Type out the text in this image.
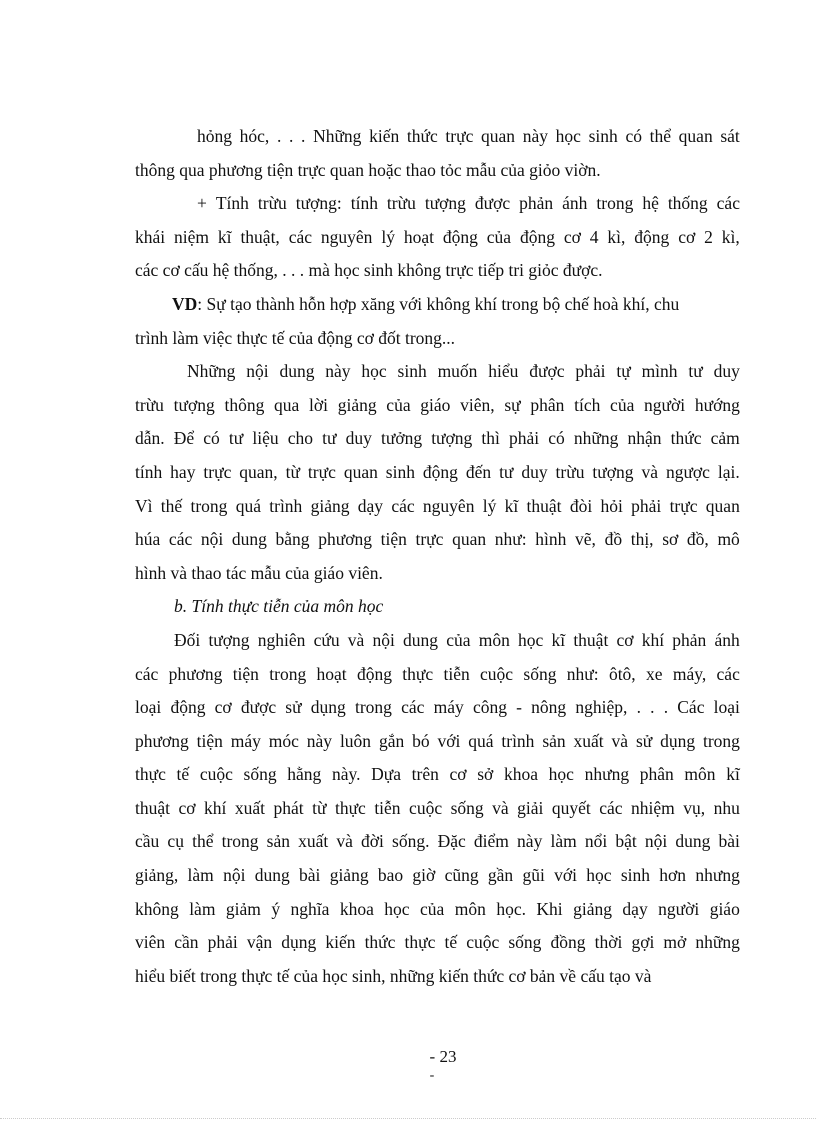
hỏng hóc, . . . Những kiến thức trực quan này học sinh có thể quan sát
thông qua phương tiện trực quan hoặc thao tỏc mẫu của giỏo viờn.
+ Tính trừu tượng: tính trừu tượng được phản ánh trong hệ thống các
khái niệm kĩ thuật, các nguyên lý hoạt động của động cơ 4 kì, động cơ 2 kì,
các cơ cấu hệ thống, . . . mà học sinh không trực tiếp tri giỏc được.
VD: Sự tạo thành hỗn hợp xăng với không khí trong bộ chế hoà khí, chu
trình làm việc thực tế của động cơ đốt trong...
Những nội dung này học sinh muốn hiểu được phải tự mình tư duy
trừu tượng thông qua lời giảng của giáo viên, sự phân tích của người hướng
dẫn. Để có tư liệu cho tư duy tưởng tượng thì phải có những nhận thức cảm
tính hay trực quan, từ trực quan sinh động đến tư duy trừu tượng và ngược lại.
Vì thế trong quá trình giảng dạy các nguyên lý kĩ thuật đòi hỏi phải trực quan
húa các nội dung bằng phương tiện trực quan như: hình vẽ, đồ thị, sơ đồ, mô
hình và thao tác mẫu của giáo viên.
b. Tính thực tiễn của môn học
Đối tượng nghiên cứu và nội dung của môn học kĩ thuật cơ khí phản ánh
các phương tiện trong hoạt động thực tiễn cuộc sống như: ôtô, xe máy, các
loại động cơ được sử dụng trong các máy công - nông nghiệp, . . . Các loại
phương tiện máy móc này luôn gắn bó với quá trình sản xuất và sử dụng trong
thực tế cuộc sống hằng này. Dựa trên cơ sở khoa học nhưng phân môn kĩ
thuật cơ khí xuất phát từ thực tiễn cuộc sống và giải quyết các nhiệm vụ, nhu
cầu cụ thể trong sản xuất và đời sống. Đặc điểm này làm nổi bật nội dung bài
giảng, làm nội dung bài giảng bao giờ cũng gần gũi với học sinh hơn nhưng
không làm giảm ý nghĩa khoa học của môn học. Khi giảng dạy người giáo
viên cần phải vận dụng kiến thức thực tế cuộc sống đồng thời gợi mở những
hiểu biết trong thực tế của học sinh, những kiến thức cơ bản về cấu tạo và
- 23
-
